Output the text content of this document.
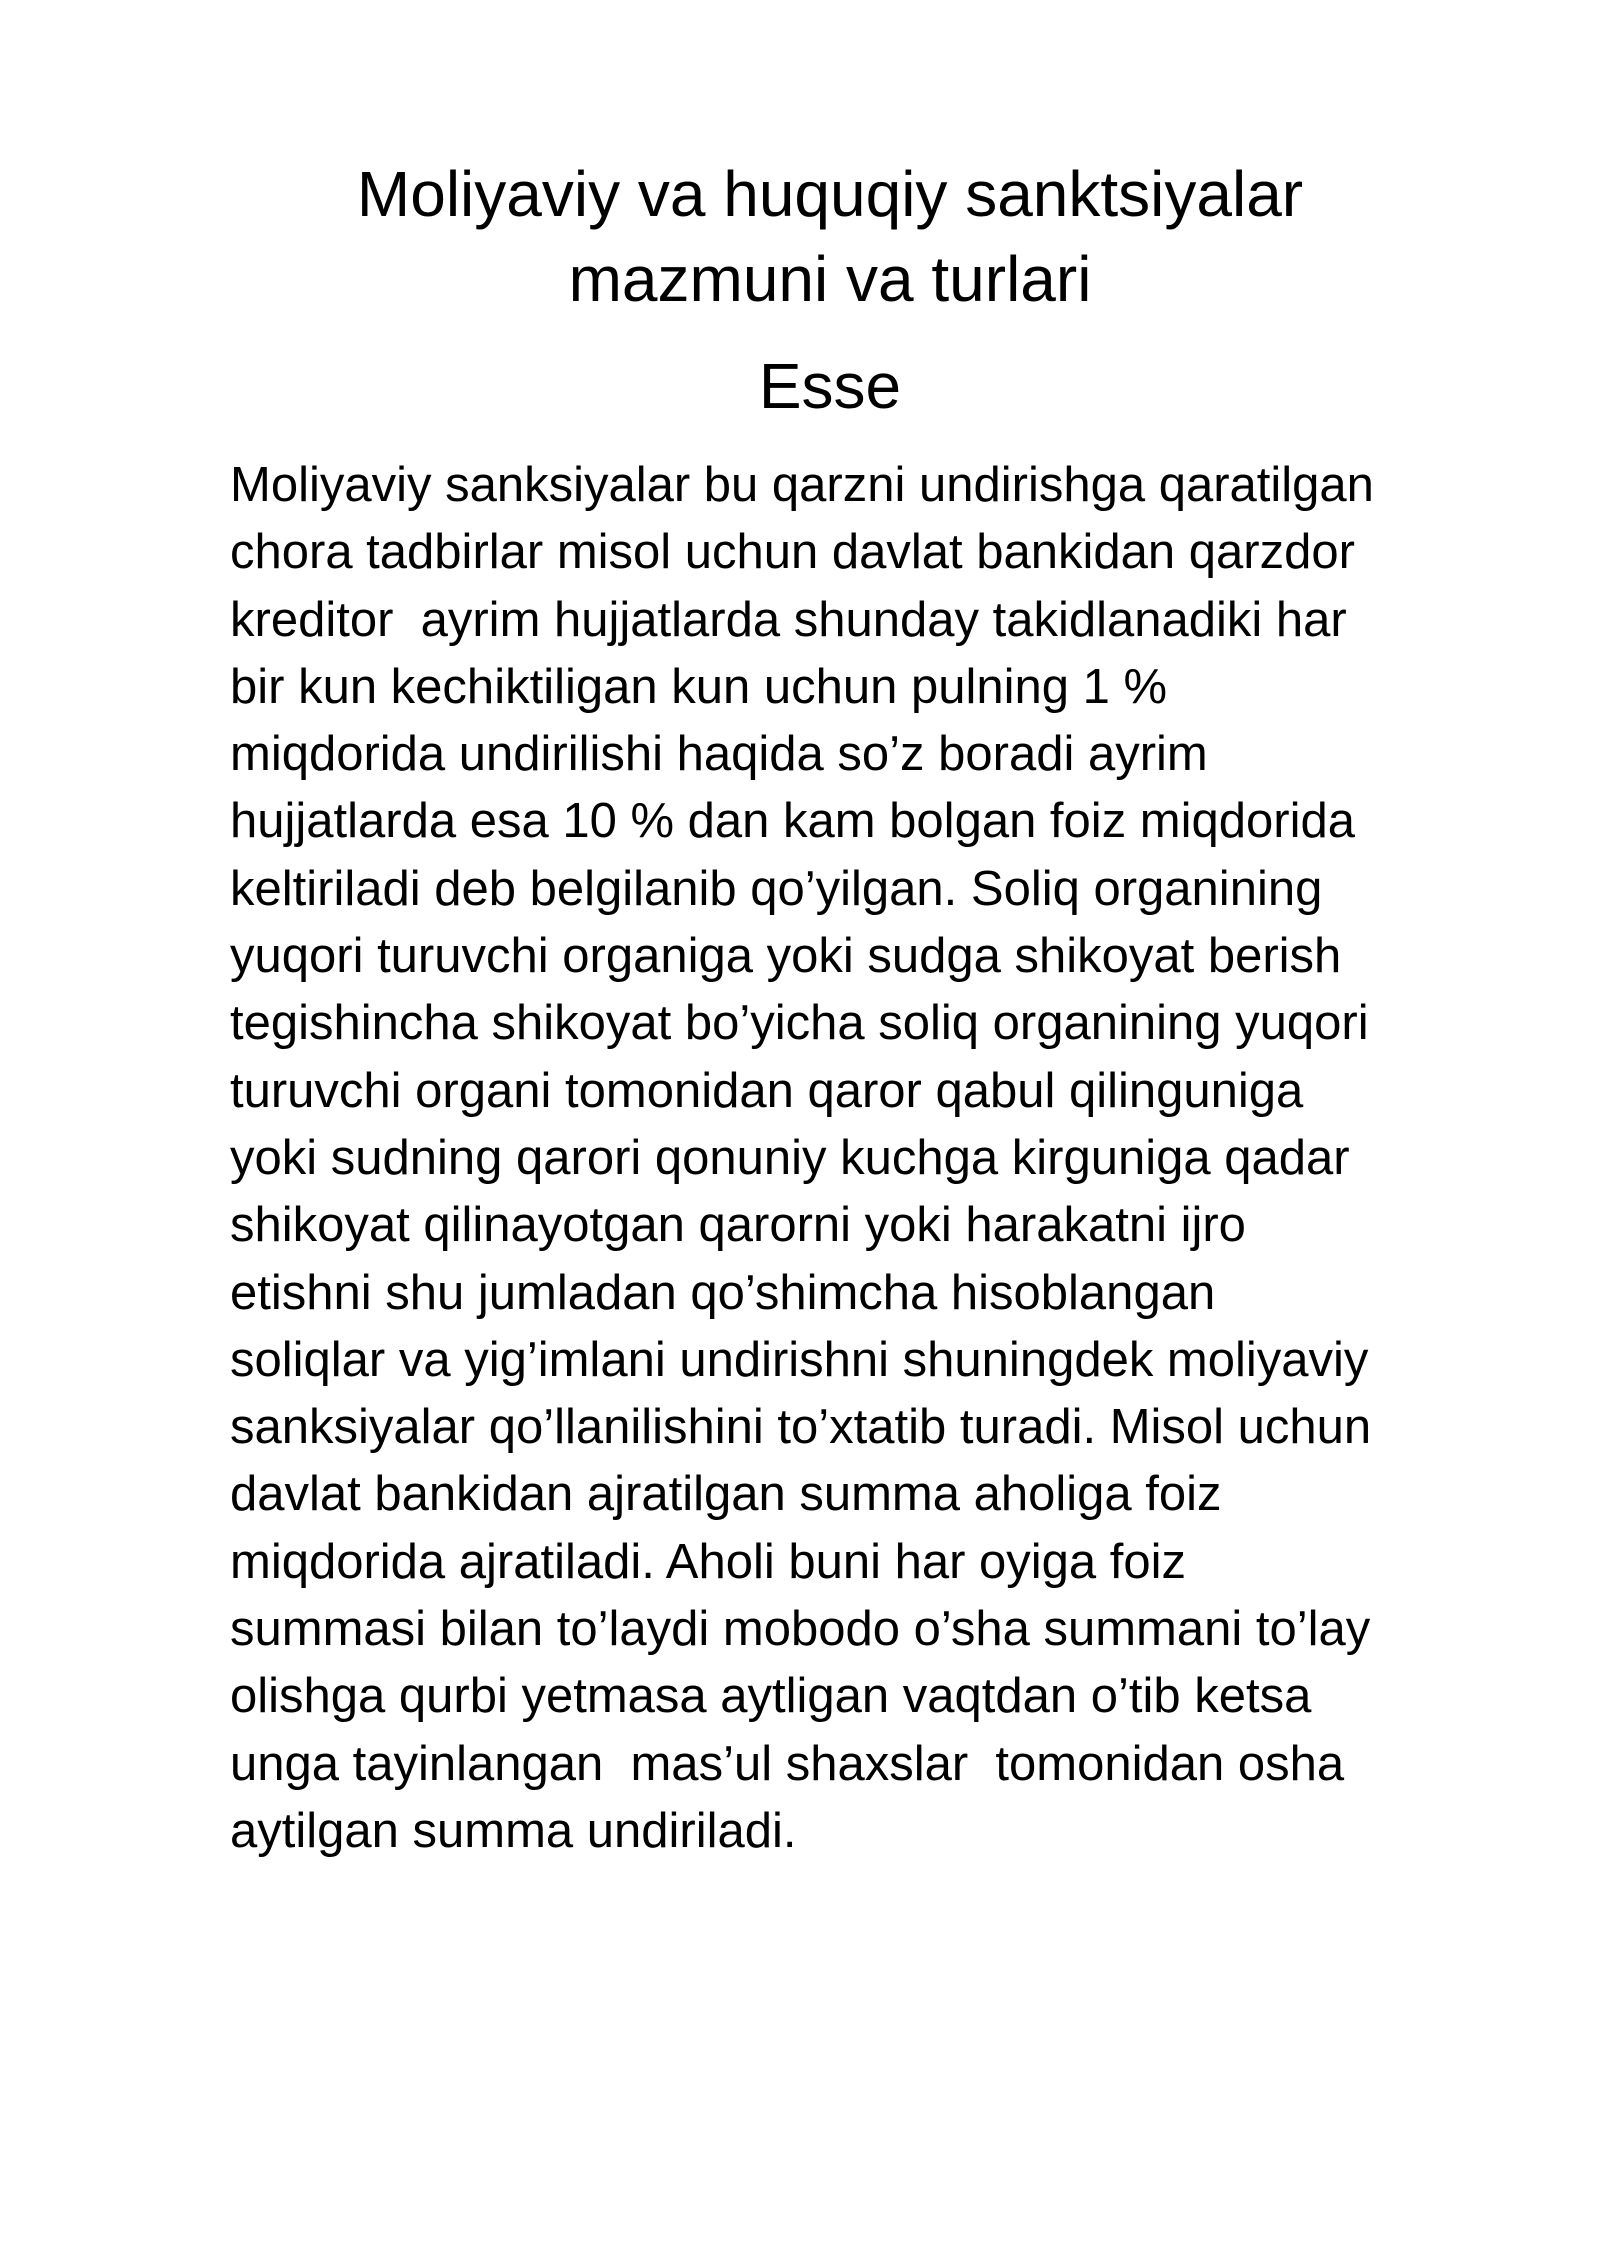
Moliyaviy va huquqiy sanktsiyalar
mazmuni va turlari
Esse
Moliyaviy sanksiyalar bu qarzni undirishga qaratilgan
chora tadbirlar misol uchun davlat bankidan qarzdor
kreditor  ayrim hujjatlarda shunday takidlanadiki har
bir kun kechiktiligan kun uchun pulning 1 %
miqdorida undirilishi haqida so’z boradi ayrim
hujjatlarda esa 10 % dan kam bolgan foiz miqdorida
keltiriladi deb belgilanib qo’yilgan. Soliq organining
yuqori turuvchi organiga yoki sudga shikoyat berish
tegishincha shikoyat bo’yicha soliq organining yuqori
turuvchi organi tomonidan qaror qabul qilinguniga
yoki sudning qarori qonuniy kuchga kirguniga qadar
shikoyat qilinayotgan qarorni yoki harakatni ijro
etishni shu jumladan qo’shimcha hisoblangan
soliqlar va yig’imlani undirishni shuningdek moliyaviy
sanksiyalar qo’llanilishini to’xtatib turadi. Misol uchun
davlat bankidan ajratilgan summa aholiga foiz
miqdorida ajratiladi. Aholi buni har oyiga foiz
summasi bilan to’laydi mobodo o’sha summani to’lay
olishga qurbi yetmasa aytligan vaqtdan o’tib ketsa
unga tayinlangan  mas’ul shaxslar  tomonidan osha
aytilgan summa undiriladi.
